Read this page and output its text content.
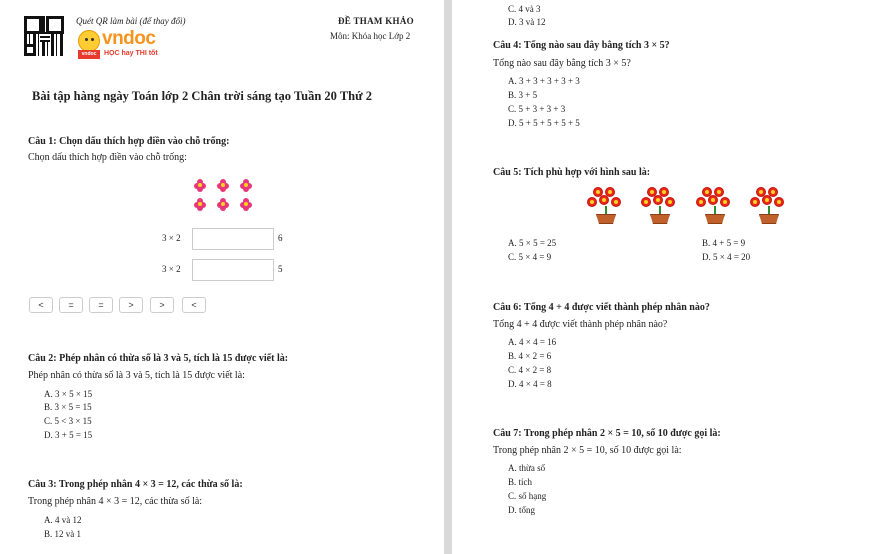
Quét QR làm bài (để thay đổi)	ĐỀ THAM KHẢO
Môn: Khóa học Lớp 2
vndoc
vndoc
HỌC hay THI tốt
Bài tập hàng ngày Toán lớp 2 Chân trời sáng tạo Tuần 20 Thứ 2
Câu 1: Chọn dấu thích hợp điền vào chỗ trống:
Chọn dấu thích hợp điền vào chỗ trống:
3 × 2	6
3 × 2	5
<	=	=	>	>	<
Câu 2: Phép nhân có thừa số là 3 và 5, tích là 15 được viết là:
Phép nhân có thừa số là 3 và 5, tích là 15 được viết là:
A. 3 × 5 × 15
B. 3 × 5 = 15
C. 5 < 3 × 15
D. 3 + 5 = 15
Câu 3: Trong phép nhân 4 × 3 = 12, các thừa số là:
Trong phép nhân 4 × 3 = 12, các thừa số là:
A. 4 và 12
B. 12 và 1
C. 4 và 3
D. 3 và 12
Câu 4: Tổng nào sau đây bằng tích 3 × 5?
Tổng nào sau đây bằng tích 3 × 5?
A. 3 + 3 + 3 + 3 + 3
B. 3 + 5
C. 5 + 3 + 3 + 3
D. 5 + 5 + 5 + 5 + 5
Câu 5: Tích phù hợp với hình sau là:
A. 5 × 5 = 25	B. 4 + 5 = 9
C. 5 × 4 = 9	D. 5 × 4 = 20
Câu 6: Tổng 4 + 4 được viết thành phép nhân nào?
Tổng 4 + 4 được viết thành phép nhân nào?
A. 4 × 4 = 16
B. 4 × 2 = 6
C. 4 × 2 = 8
D. 4 × 4 = 8
Câu 7: Trong phép nhân 2 × 5 = 10, số 10 được gọi là:
Trong phép nhân 2 × 5 = 10, số 10 được gọi là:
A. thừa số
B. tích
C. số hạng
D. tổng
